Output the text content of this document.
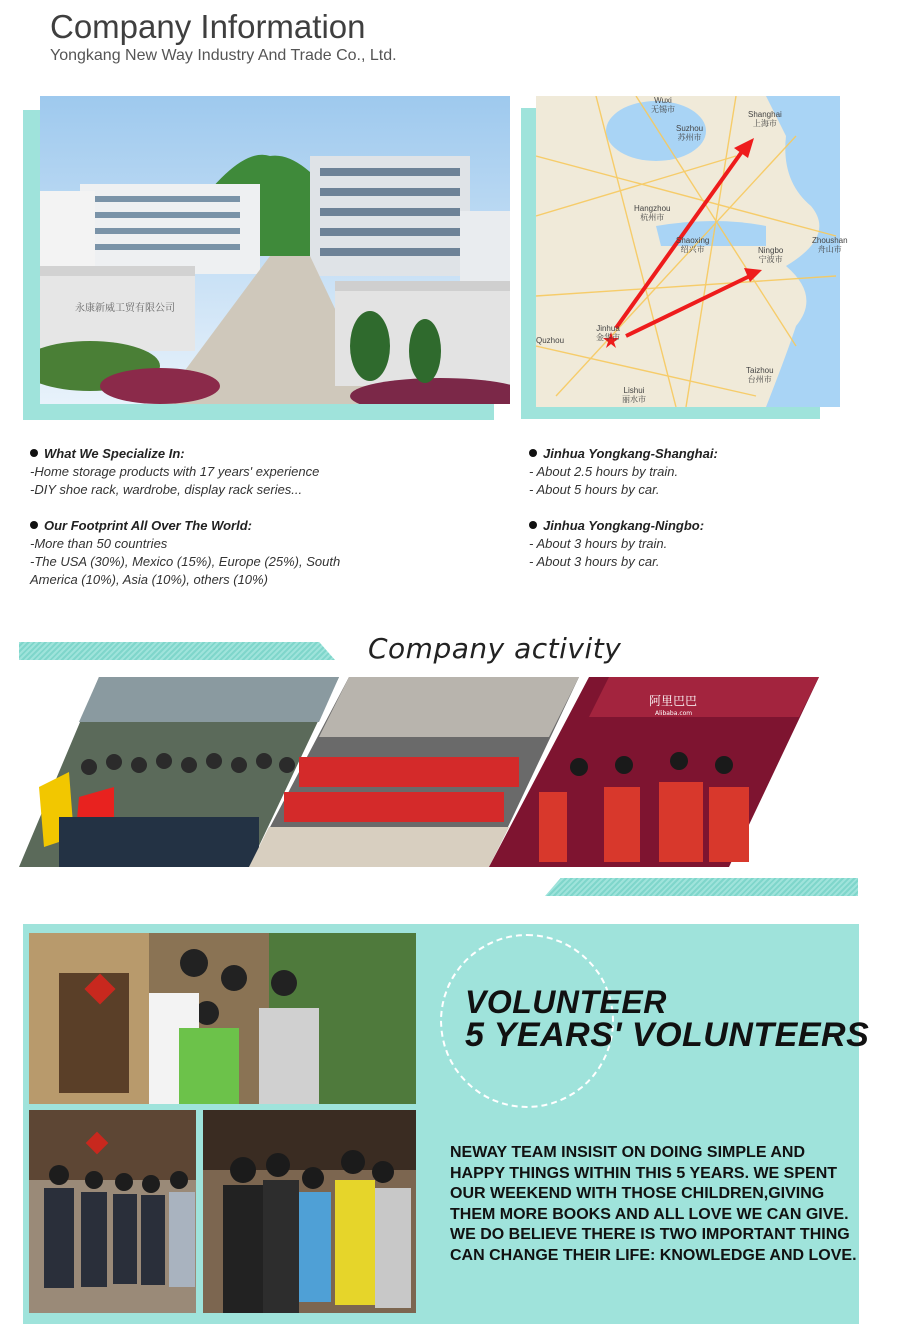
Company Information
Yongkang New Way Industry And Trade Co., Ltd.
永康新威工贸有限公司
Suzhou
苏州市
Shanghai
上海市
Hangzhou
杭州市
Shaoxing
绍兴市	Ningbo
宁波市
Zhoushan
舟山市
Jinhua
金华市
Taizhou
台州市
Lishui
丽水市
Wuxi
无锡市
Quzhou
What We Specialize In:
-Home storage products with 17 years' experience
-DIY shoe rack, wardrobe, display rack series...
Our Footprint All Over The World:
-More than 50 countries
-The USA (30%), Mexico (15%), Europe (25%), South
America (10%), Asia (10%), others (10%)
Jinhua Yongkang-Shanghai:
- About 2.5 hours by train.
- About 5 hours by car.
Jinhua Yongkang-Ningbo:
- About 3 hours by train.
- About 3 hours by car.
Company activity
阿里巴巴
Alibaba.com
VOLUNTEER
5 YEARS' VOLUNTEERS
NEWAY TEAM INSISIT ON DOING SIMPLE AND HAPPY THINGS WITHIN THIS 5 YEARS. WE SPENT OUR WEEKEND WITH THOSE CHILDREN,GIVING THEM MORE BOOKS AND ALL LOVE WE CAN GIVE. WE DO BELIEVE THERE IS TWO IMPORTANT THING CAN CHANGE THEIR LIFE: KNOWLEDGE AND LOVE.
